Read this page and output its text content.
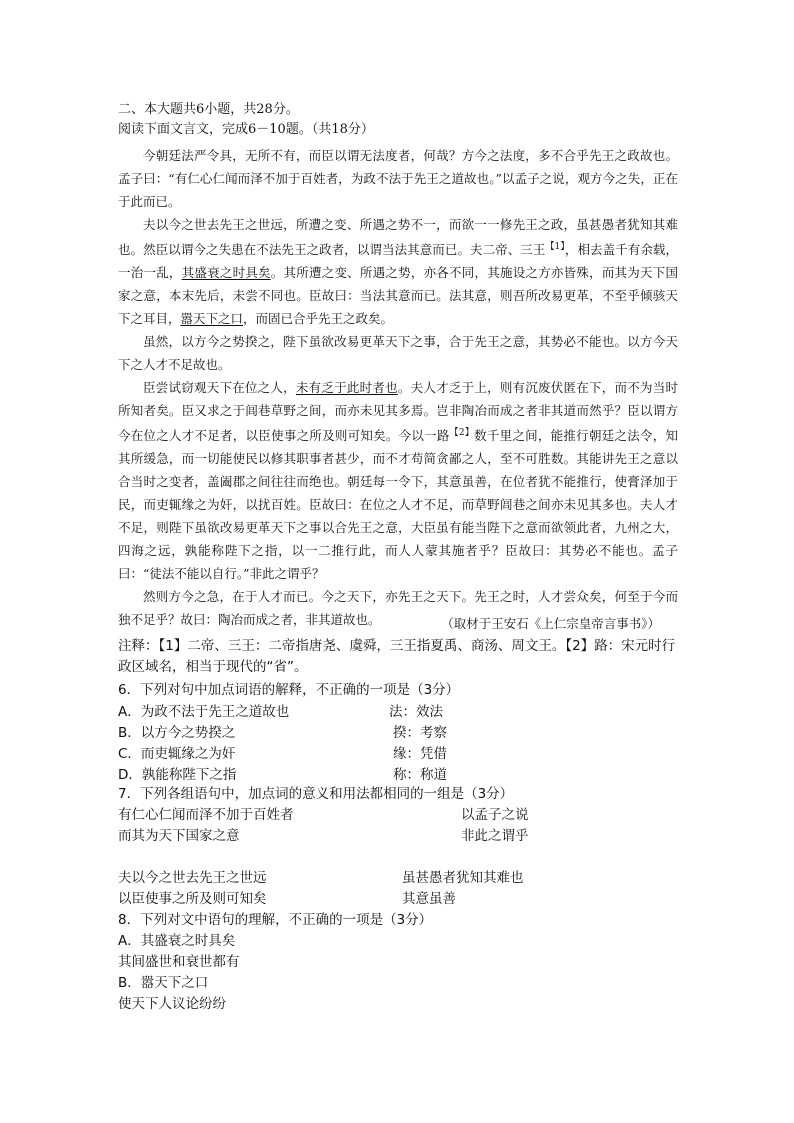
二、本大题共6小题，共28分。
阅读下面文言文，完成6－10题。（共18分）

今朝廷法严令具，无所不有，而臣以谓无法度者，何哉？方今之法度，多不合乎先王之政故也。孟子曰：“有仁心仁闻而泽不加于百姓者，为政不法于先王之道故也。”以孟子之说，观方今之失，正在于此而已。

夫以今之世去先王之世远，所遭之变、所遇之势不一，而欲一一修先王之政，虽甚愚者犹知其难也。然臣以谓今之失患在不法先王之政者，以谓当法其意而已。夫二帝、三王$^{【1】}$，相去盖千有余载，一治一乱，其盛衰之时具矣。其所遭之变、所遇之势，亦各不同，其施设之方亦皆殊，而其为天下国家之意，本末先后，未尝不同也。臣故曰：当法其意而已。法其意，则吾所改易更革，不至乎倾骇天下之耳目，嚣天下之口，而固已合乎先王之政矣。

虽然，以方今之势揆之，陛下虽欲改易更革天下之事，合于先王之意，其势必不能也。以方今天下之人才不足故也。

臣尝试窃观天下在位之人，未有乏于此时者也。夫人才乏于上，则有沉废伏匿在下，而不为当时所知者矣。臣又求之于闾巷草野之间，而亦未见其多焉。岂非陶冶而成之者非其道而然乎？臣以谓方今在位之人才不足者，以臣使事之所及则可知矣。今以一路$^{【2】}$数千里之间，能推行朝廷之法令，知其所缓急，而一切能使民以修其职事者甚少，而不才苟简贪鄙之人，至不可胜数。其能讲先王之意以合当时之变者，盖阖郡之间往往而绝也。朝廷每一令下，其意虽善，在位者犹不能推行，使膏泽加于民，而吏辄缘之为奸，以扰百姓。臣故曰：在位之人才不足，而草野闾巷之间亦未见其多也。夫人才不足，则陛下虽欲改易更革天下之事以合先王之意，大臣虽有能当陛下之意而欲领此者，九州之大，四海之远，孰能称陛下之指，以一二推行此，而人人蒙其施者乎？臣故曰：其势必不能也。孟子曰：“徒法不能以自行。”非此之谓乎？

然则方今之急，在于人才而已。今之天下，亦先王之天下。先王之时，人才尝众矣，何至于今而独不足乎？故曰：陶冶而成之者，非其道故也。	（取材于王安石《上仁宗皇帝言事书》）
注释：【1】二帝、三王：二帝指唐尧、虞舜，三王指夏禹、商汤、周文王。【2】路：宋元时行政区域名，相当于现代的“省”。
6．下列对句中加点词语的解释，不正确的一项是（3分）
A．为政不法于先王之道故也	法：效法
B．以方今之势揆之	揆：考察
C．而吏辄缘之为奸	缘：凭借
D．孰能称陛下之指	称：称道
7．下列各组语句中，加点词的意义和用法都相同的一组是（3分）
有仁心仁闻而泽不加于百姓者	以孟子之说
而其为天下国家之意	非此之谓乎
夫以今之世去先王之世远	虽甚愚者犹知其难也
以臣使事之所及则可知矣	其意虽善
8．下列对文中语句的理解，不正确的一项是（3分）
A．其盛衰之时具矣
其间盛世和衰世都有
B．嚣天下之口
使天下人议论纷纷
